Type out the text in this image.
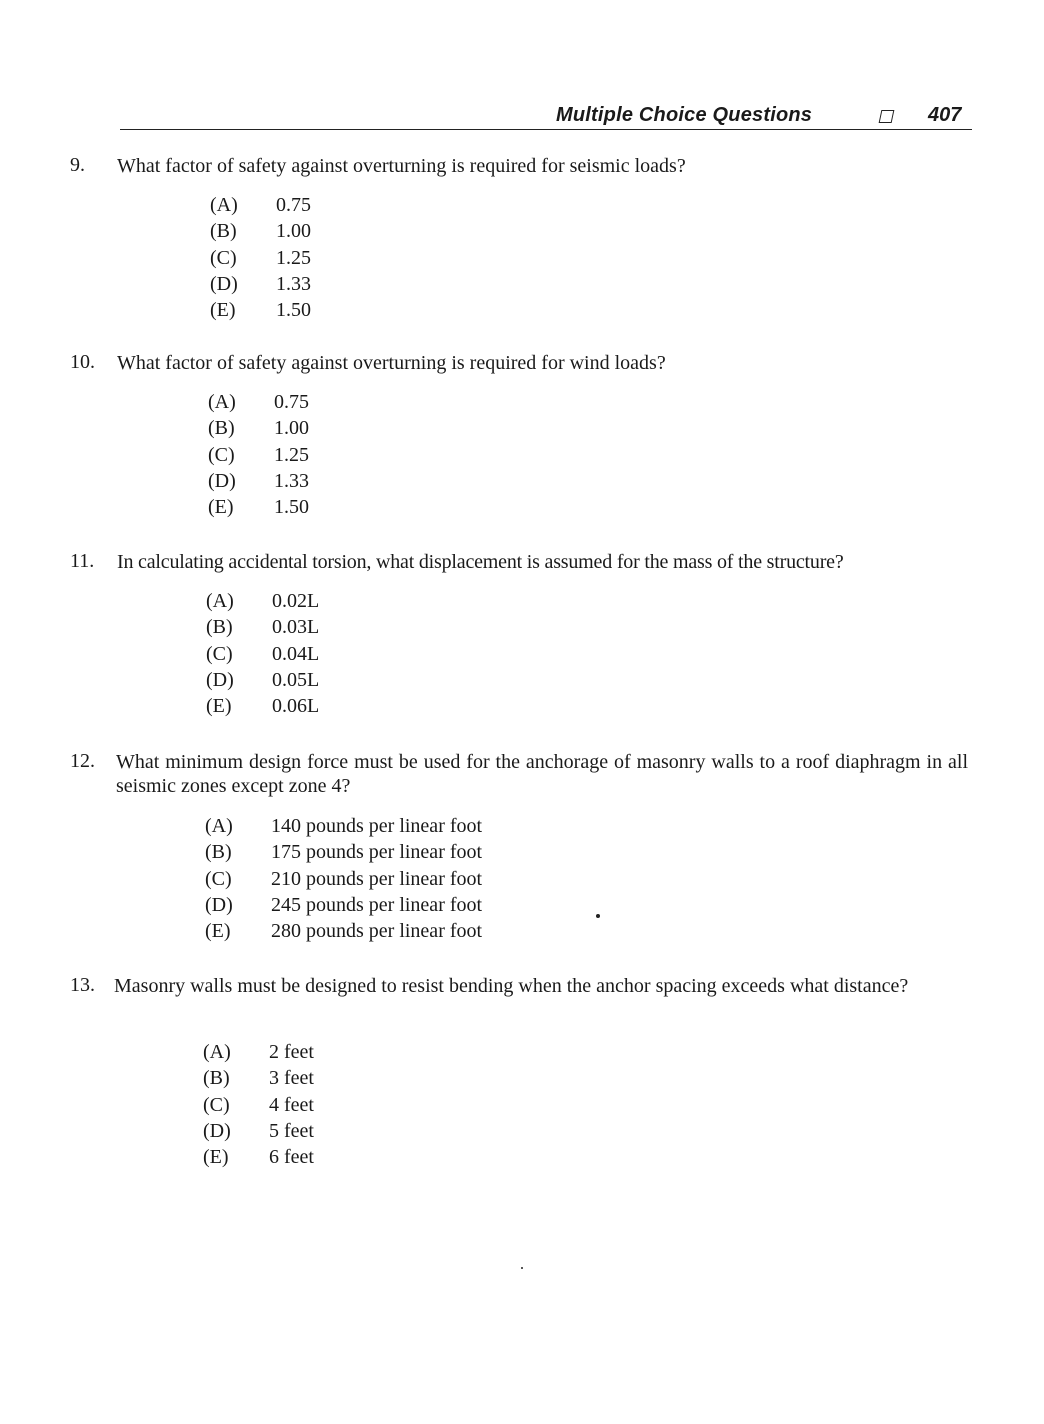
Multiple Choice Questions	407
9. What factor of safety against overturning is required for seismic loads?
(A) 0.75
(B) 1.00
(C) 1.25
(D) 1.33
(E) 1.50
10. What factor of safety against overturning is required for wind loads?
(A) 0.75
(B) 1.00
(C) 1.25
(D) 1.33
(E) 1.50
11. In calculating accidental torsion, what displacement is assumed for the mass of the structure?
(A) 0.02L
(B) 0.03L
(C) 0.04L
(D) 0.05L
(E) 0.06L
12. What minimum design force must be used for the anchorage of masonry walls to a roof diaphragm in all seismic zones except zone 4?
(A) 140 pounds per linear foot
(B) 175 pounds per linear foot
(C) 210 pounds per linear foot
(D) 245 pounds per linear foot
(E) 280 pounds per linear foot
13. Masonry walls must be designed to resist bending when the anchor spacing exceeds what distance?
(A) 2 feet
(B) 3 feet
(C) 4 feet
(D) 5 feet
(E) 6 feet
